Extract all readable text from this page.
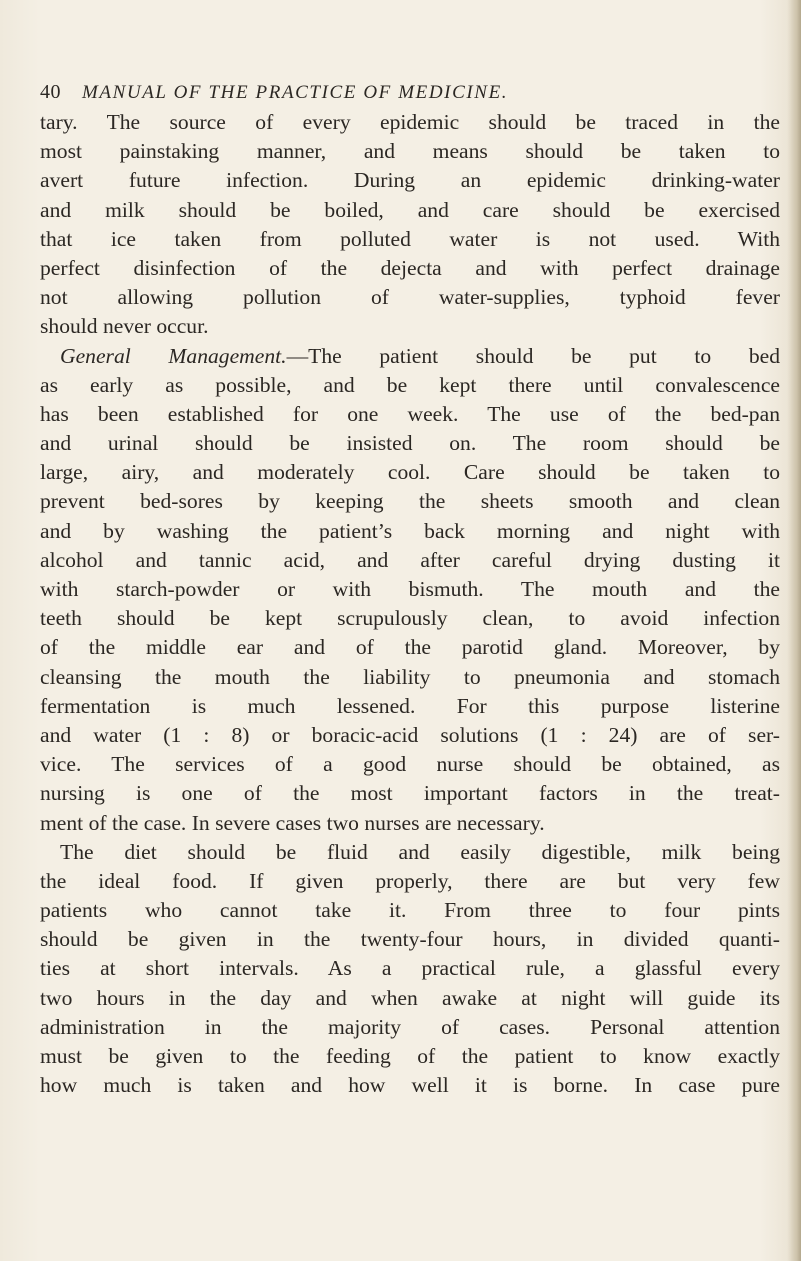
40 MANUAL OF THE PRACTICE OF MEDICINE.
tary. The source of every epidemic should be traced in the
most painstaking manner, and means should be taken to
avert future infection. During an epidemic drinking-water
and milk should be boiled, and care should be exercised
that ice taken from polluted water is not used. With
perfect disinfection of the dejecta and with perfect drainage
not allowing pollution of water-supplies, typhoid fever
should never occur.
General Management.—The patient should be put to bed
as early as possible, and be kept there until convalescence
has been established for one week. The use of the bed-pan
and urinal should be insisted on. The room should be
large, airy, and moderately cool. Care should be taken to
prevent bed-sores by keeping the sheets smooth and clean
and by washing the patient’s back morning and night with
alcohol and tannic acid, and after careful drying dusting it
with starch-powder or with bismuth. The mouth and the
teeth should be kept scrupulously clean, to avoid infection
of the middle ear and of the parotid gland. Moreover, by
cleansing the mouth the liability to pneumonia and stomach
fermentation is much lessened. For this purpose listerine
and water (1 : 8) or boracic-acid solutions (1 : 24) are of ser-
vice. The services of a good nurse should be obtained, as
nursing is one of the most important factors in the treat-
ment of the case. In severe cases two nurses are necessary.
The diet should be fluid and easily digestible, milk being
the ideal food. If given properly, there are but very few
patients who cannot take it. From three to four pints
should be given in the twenty-four hours, in divided quanti-
ties at short intervals. As a practical rule, a glassful every
two hours in the day and when awake at night will guide its
administration in the majority of cases. Personal attention
must be given to the feeding of the patient to know exactly
how much is taken and how well it is borne. In case pure
